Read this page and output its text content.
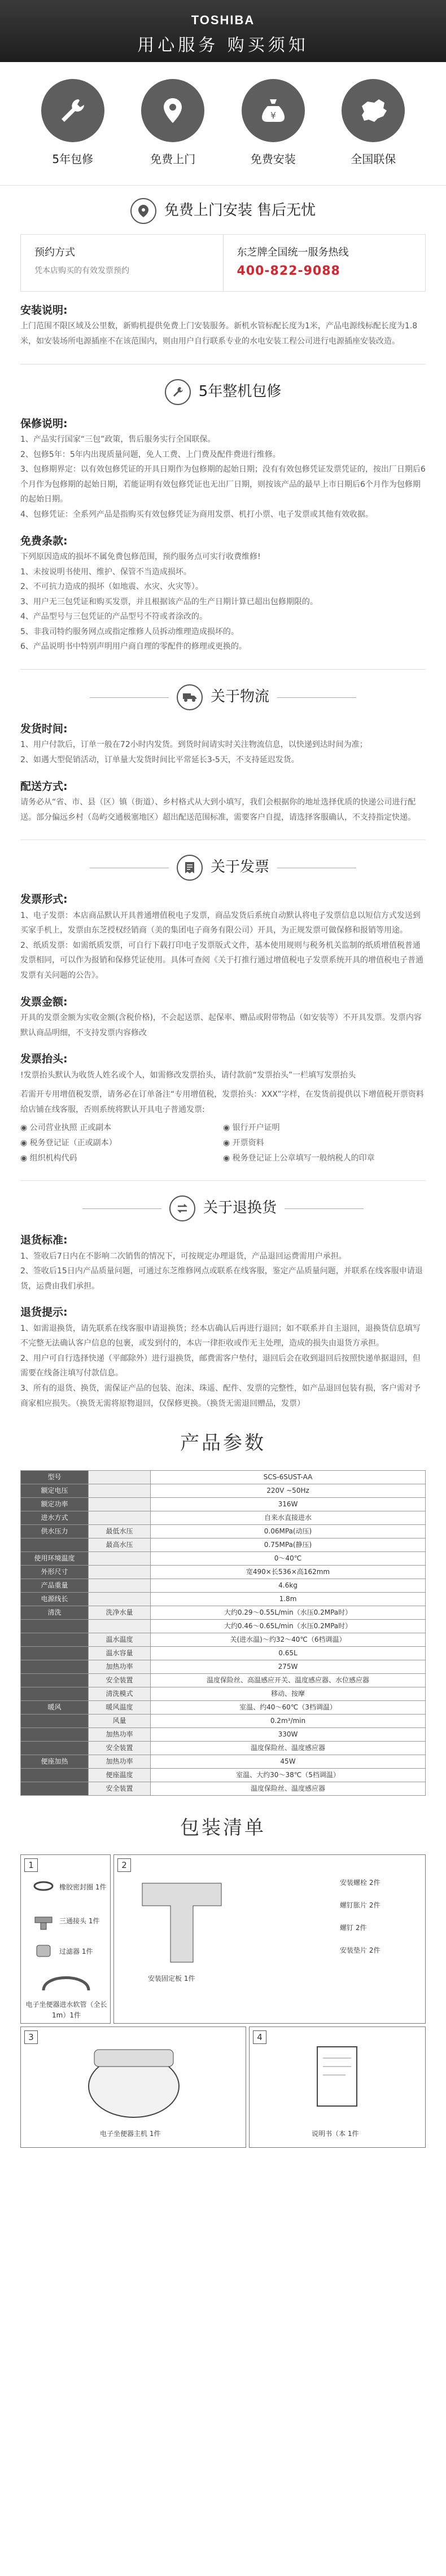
TOSHIBA
用心服务 购买须知
5年包修	免费上门
¥
免费安装	全国联保
免费上门安装 售后无忧
预约方式
凭本店购买的有效发票预约
东芝牌全国统一服务热线
400-822-9088
安装说明:
上门范围不限区域及公里数，新购机提供免费上门安装服务。新机水管标配长度为1米，产品电源线标配长度为1.8米，如安装场所电源插座不在该范围内，则由用户自行联系专业的水电安装工程公司进行电源插座安装改造。
5年整机包修
保修说明:
1、产品实行国家“三包”政策，售后服务实行全国联保。
2、包修5年：5年内出现质量问题，免人工费、上门费及配件费进行维修。
3、包修期界定：以有效包修凭证的开具日期作为包修期的起始日期；没有有效包修凭证发票凭证的，按出厂日期后6个月作为包修期的起始日期，若能证明有效包修凭证也无出厂日期，则按该产品的最早上市日期后6个月作为包修期的起始日期。
4、包修凭证：全系列产品是指购买有效包修凭证为商用发票、机打小票、电子发票或其他有效收据。
免费条款:
下列原因造成的损坏不属免费包修范围，预约服务点可实行收费维修!
1、未按说明书使用、维护、保管不当造成损坏。
2、不可抗力造成的损坏（如地震、水灾、火灾等）。
3、用户无三包凭证和购买发票，并且根据该产品的生产日期计算已超出包修期限的。
4、产品型号与三包凭证的产品型号不符或者涂改的。
5、非我司特约服务网点或指定维修人员拆动维理造成损坏的。
6、产品说明书中特别声明用户商自理的零配件的修理或更换的。
关于物流
发货时间:
1、用户付款后，订单一般在72小时内发货。到货时间请实时关注物流信息，以快递到达时间为准；
2、如遇大型促销活动，订单量大发货时间比平常延长3-5天，不支持延迟发货。
配送方式:
请务必从“省、市、县（区）镇（街道）、乡村格式从大到小填写，我们会根据你的地址选择优质的快递公司进行配送。部分偏远乡村（岛屿交通极塞地区）超出配送范围标准，需要客户自提，请选择客服确认，不支持指定快递。
关于发票
发票形式:
1、电子发票：本店商品默认开具普通增值税电子发票，商品发货后系统自动默认将电子发票信息以短信方式发送到买家手机上，发票由东芝授权经销商（美的集团电子商务有限公司）开具，为正规发票可做保修和报销等用途。
2、纸质发票：如需纸质发票，可自行下载打印电子发票版式文件，基本使用规则与税务机关监制的纸质增值税普通发票相同，可以作为报销和保修凭证使用。具体可查阅《关于打推行通过增值税电子发票系统开具的增值税电子普通发票有关问题的公告》。
发票金额:
开具的发票金额为实收金额(含税价格)，不会起送票、起保率、赠品或附带物品（如安装等）不开具发票。发票内容默认商品明细，不支持发票内容修改
发票抬头:
!发票抬头默认为收货人姓名或个人，如需修改发票抬头，请付款前“发票抬头”一栏填写发票抬头
若需开专用增值税发票，请务必在订单备注“专用增值税，发票抬头：XXX”字样，在发货前提供以下增值税开票资料给店铺在线客服，否则系统将默认开具电子普通发票:
◉ 公司营业执照 正或副本	◉ 银行开户证明
◉ 税务登记证（正或副本）	◉ 开票资料
◉ 组织机构代码	◉ 税务登记证上公章填写一般纳税人的印章
关于退换货
退货标准:
1、签收后7日内在不影响二次销售的情况下，可按规定办理退货，产品退回运费需用户承担。
2、签收后15日内产品质量问题，可通过东芝维修网点或联系在线客服，鉴定产品质量问题，并联系在线客服申请退货，运费由我们承担。
退货提示:
1、如需退换货，请先联系在线客服申请退换货；经本店确认后再进行退回；如不联系并自主退回，退换货信息填写不完整无法确认客户信息的包裹，或发到付的，本店一律拒收或作无主处理，造成的损失由退货方承担。
2、用户可自行选择快递（平邮除外）进行退换货，邮费需客户垫付，退回后会在收到退回后按照快递单据退回，但需要在线备注填写付款信息。
3、所有的退货、换货，需保证产品的包装、泡沫、珠遥、配件、发票的完整性，如产品退回包装有损，客户需对予商家相应损失。（换货无需将原物退回，仅保修更换。（换货无需退回赠品，发票）
产品参数
型号		SCS-6SUST-AA
额定电压		220V ~50Hz
额定功率		316W
进水方式		自来水直接进水
供水压力	最低水压	0.06MPa(动压)
	最高水压	0.75MPa(静压)
使用环境温度		0～40℃
外形尺寸		宽490×长536×高162mm
产品重量		4.6kg
电源线长		1.8m
清洗	洗净水量	大约0.29～0.55L/min（水压0.2MPa时）
		大约0.46～0.65L/min（水压0.2MPa时）
	温水温度	关(进水温)～约32～40℃（6档调温）
	温水容量	0.65L
	加热功率	275W
	安全装置	温度保险丝、高温感应开关、温度感应器、水位感应器
	清洗模式	移动、按摩
暖风	暖风温度	室温、约40～60℃（3档调温）
	风量	0.2m³/min
	加热功率	330W
	安全装置	温度保险丝、温度感应器
便座加热	加热功率	45W
	便座温度	室温、大约30～38℃（5档调温）
	安全装置	温度保险丝、温度感应器
包装清单
1
橡胶密封圈 1件
三通接头 1件
过滤器 1件
电子坐便器进水软管（全长1m）1件
2
安装固定板 1件
安装螺栓 2件
螺钉胀片 2件
螺钉 2件
安装垫片 2件
3
电子坐便器主机 1件
4
说明书（本 1件
